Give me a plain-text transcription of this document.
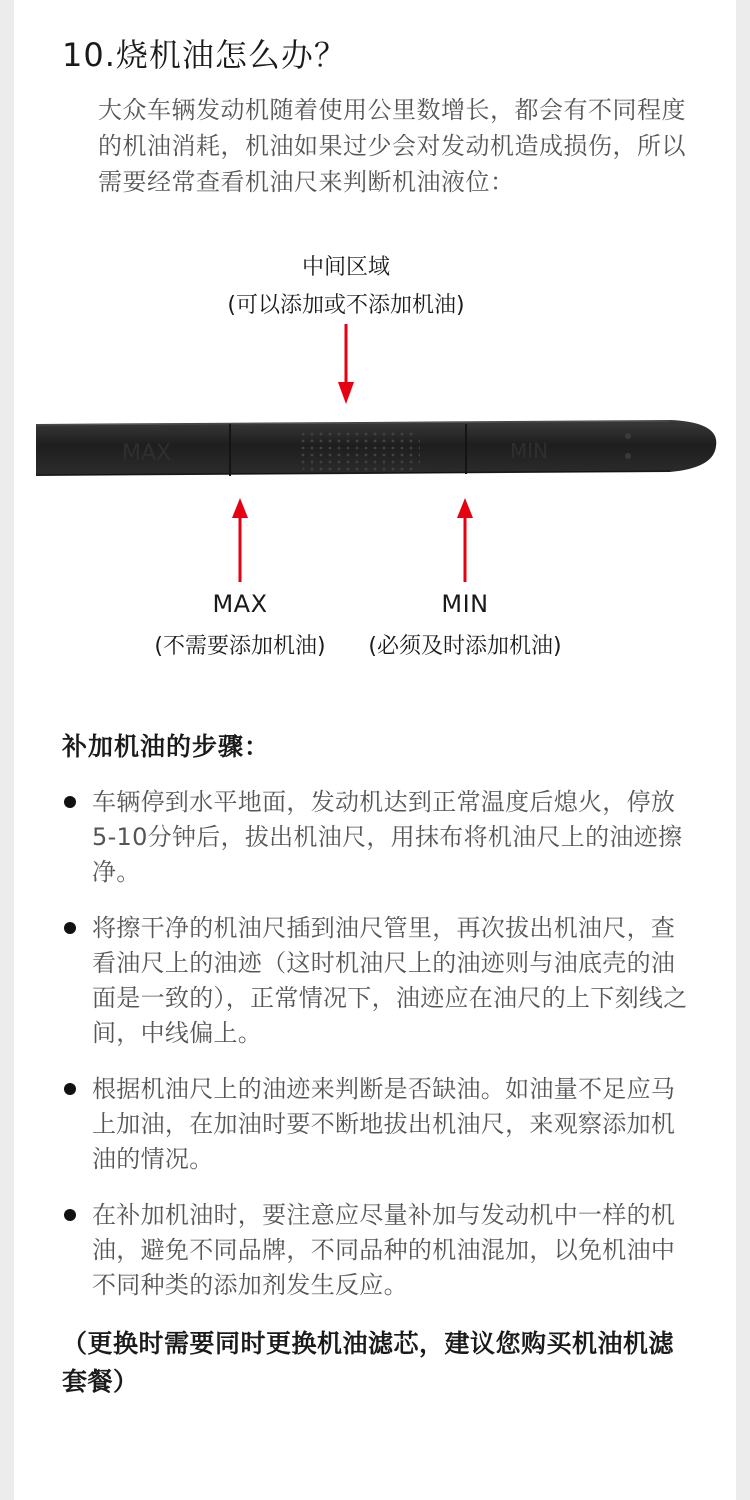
10.烧机油怎么办？
大众车辆发动机随着使用公里数增长，都会有不同程度的机油消耗，机油如果过少会对发动机造成损伤，所以需要经常查看机油尺来判断机油液位：
中间区域
(可以添加或不添加机油)
MAX	MIN
MAX
(不需要添加机油)
MIN
(必须及时添加机油)
补加机油的步骤：
车辆停到水平地面，发动机达到正常温度后熄火，停放5-10分钟后，拔出机油尺，用抹布将机油尺上的油迹擦净。
将擦干净的机油尺插到油尺管里，再次拔出机油尺，查看油尺上的油迹（这时机油尺上的油迹则与油底壳的油面是一致的），正常情况下，油迹应在油尺的上下刻线之间，中线偏上。
根据机油尺上的油迹来判断是否缺油。如油量不足应马上加油，在加油时要不断地拔出机油尺，来观察添加机油的情况。
在补加机油时，要注意应尽量补加与发动机中一样的机油，避免不同品牌，不同品种的机油混加，以免机油中不同种类的添加剂发生反应。
（更换时需要同时更换机油滤芯，建议您购买机油机滤套餐）
